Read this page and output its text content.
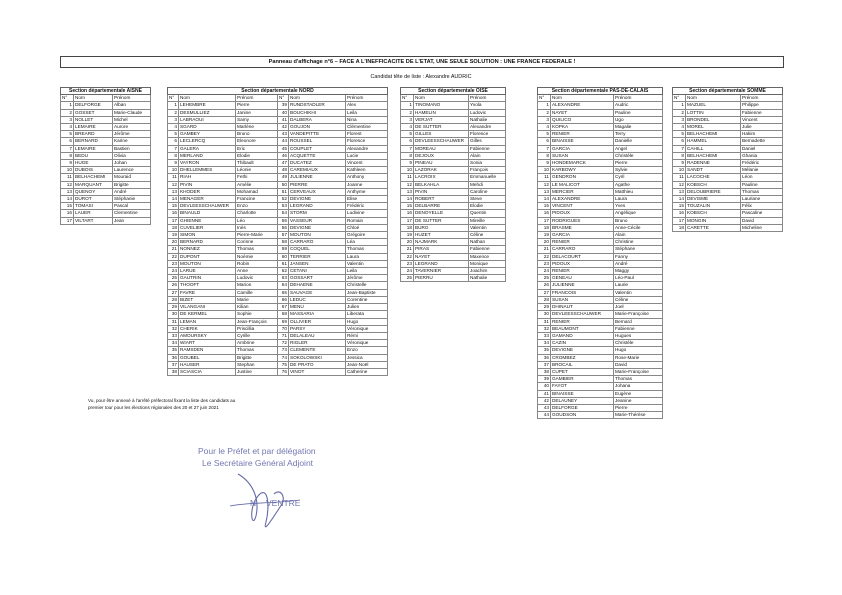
Panneau d'affichage n°6 – FACE A L'INEFFICACITE DE L'ETAT, UNE SEULE SOLUTION : UNE FRANCE FEDERALE !
Candidat tête de liste : Alexandre AUDRIC
Section départementale AISNE		
N°	Nom	Prénom
1	DELFORGE	Alban
2	GOSSET	Marie-Claude
3	NOLLET	Michel
4	LEMAIRE	Aurore
5	BREARD	Jérôme
6	BERNARD	Karine
7	LEMAIRE	Bastien
8	BEDU	Olivia
9	HUGE	Johan
10	DUBOIS	Laurence
11	BELHACHEMI	Mouraid
12	MARQUANT	Brigitte
13	QUENOY	André
14	DUROT	Stéphanie
15	TOMASI	Pascal
16	LAUER	Clementine
17	VILTART	Jean
Section départementale NORD					
N°	Nom	Prénom	N°	Nom	Prénom
1	LEHEMBRE	Pierre	39	RUNDSTADLER	Alex
2	DESMULLIEZ	Janine	40	BOUCHIKHI	Leila
3	LABRAOUI	Samy	41	DALBERA	Nina
4	SGARD	Marlène	42	GOUJON	Clémentine
5	GAMBEY	Bruno	43	VANDEPITTE	Florent
6	LECLERCQ	Eleonore	44	ROUSSEL	Florence
7	GALERA	Eric	45	COUPLET	Alexandre
8	MERLAND	Elodie	46	ACQUETTE	Lucie
9	VAYRON	Thibault	47	DUCATEZ	Vincent
10	DHELLEMMES	Léonie	48	CAREMIAUX	Kathleen
11	RIAH	Fethi	49	JULIENNE	Anthony
12	PIVIN	Amélie	50	PIERRE	Joanne
13	KHODER	Mohamad	51	CERVEAUX	Anthyme
14	MENAGER	Francine	52	DEVIGNE	Elise
15	DEVLEESSCHAUWER	Enzo	53	LEGRAND	Frédéric
16	BINAULD	Charlotte	54	STORM	Ludivine
17	GHIENNE	Léo	55	VASSEUR	Romain
18	CUVELIER	Inès	56	DEVIGNE	Chloé
19	SIMON	Pierre-Marie	57	MOUTON	Grégoire
20	BERNARD	Corinne	58	CARRARO	Léa
21	NONNEZ	Thomas	59	COQUEL	Thomas
22	DUPONT	Noémie	60	TERRIER	Laura
23	MOUTON	Robin	61	JANSEN	Valentin
24	LARUE	Anne	62	CETANI	Leila
25	GAUTRIN	Ludovic	63	GOSSART	Jérôme
26	THOOFT	Marion	64	DEHAENE	Christelle
27	FAVRE	Camille	65	SAUVAGE	Jean-Baptiste
28	BIZET	Marie	66	LEDUC	Corentine
29	VILANGANI	Kilian	67	MENU	Julien
30	DE KERMEL	Sophie	68	MASSARIA	Liberata
31	LEMAN	Jean-François	69	OLLIVIER	Hugo
32	CHERIK	Priscillia	70	PARSY	Véronique
33	AMOURSKY	Cyrille	71	DELALEAU	Rémi
34	WIART	Ambrine	72	RIGLER	Véronique
35	RAMSDEN	Thomas	73	CLEMENTE	Enzo
36	GOUBEL	Brigitte	74	SOKOLOWSKI	Jessica
37	HAUSER	Stephan	75	DE PRATO	Jean-Noël
38	SCIASCIA	Justine	76	VINOT	Catherine
Section départementale OISE		
N°	Nom	Prénom
1	TINOMANO	Yvola
2	HAMELIN	Ludovic
3	VERJAT	Nathalie
4	DE SUTTER	Alexandre
5	GILLES	Florence
6	DEVLEESSCHAUWER	Gilles
7	MOREAU	Fabienne
8	DEJOUX	Alain
9	PINEAU	Sonia
10	LAZORAK	François
11	LACROIX	Emmanuelle
12	BELKAHLA	Mehdi
13	PIVIN	Caroline
14	ROBERT	Steve
15	DELBARRE	Elodie
16	DENOYELLE	Quentin
17	DE SUTTER	Mireille
18	BURG	Valentin
19	HUZET	Céline
20	NAJMARK	Nathan
21	PIRAS	Fabienne
22	NAYET	Maxence
23	LEGRAND	Monique
24	TAVERNIER	Joachim
25	PIERRU	Nathalie
Section départementale PAS-DE-CALAIS		
N°	Nom	Prénom
1	ALEXANDRE	Audric
2	NAYET	Pauline
3	QUILICO	Ugo
4	KOPKA	Magalie
5	RENIER	Terry
6	BINAISSE	Danielle
7	GARCIA	Angel
8	SUSAN	Christèle
9	HONDEMARCK	Pierre
10	KARBOWY	Sylvie
11	GENDRON	Cyril
12	LE MALICOT	Agathe
13	MERCIER	Matthieu
14	ALEXANDRE	Laura
15	VINCENT	Yves
16	PIDOUX	Angélique
17	RODRIGUES	Bruno
18	BRASME	Anne-Cécile
19	GARCIA	Alain
20	RENIER	Christine
21	CARRARO	Stéphane
22	DELACOURT	Fanny
23	PIDOUX	André
24	RENIER	Maggy
25	GENEAU	Léo-Paul
26	JULIENNE	Laurie
27	FRANCOIS	Valentin
28	SUSAN	Céline
29	DHINAUT	Joel
30	DEVLEESSCHAUWER	Marie-Françoise
31	RENIER	Bernard
32	BEAUMONT	Fabienne
33	GAMAND	Hugues
34	CAZIN	Christèle
35	DEVIGNE	Hugo
36	CROMBEZ	Rose-Marie
37	BROCAIL	David
38	CUPET	Marie-Françoise
39	GAMBIER	Thomas
40	FAYOT	Johana
41	BINAISSE	Eugène
42	DELAUNEY	Jeanine
43	DELFORGE	Pierre
44	GOUDSON	Marie-Thérèse
Section départementale SOMME		
N°	Nom	Prénom
1	MAZUEL	Philippe
2	LOTTIN	Fabienne
3	BRONDEL	Vincent
4	MOREL	Julie
5	BELHACHEMI	Hakim
6	HAMMEL	Bernadette
7	CAHILL	Daniel
8	BELHACHEMI	Ghania
9	RADENNE	Frédéric
10	SANDT	Mélanie
11	LACOCHE	Léon
12	KOBSCH	Pauline
13	DELOUBRIERE	Thomas
14	DEVISME	Lauriane
15	TOUZALIN	Félix
16	KOBSCH	Pascaline
17	MONGIN	David
18	CARETTE	Micheline
Vu, pour être annexé à l'arrêté préfectoral fixant la liste des candidats au premier tour pour les élections régionales des 20 et 27 juin 2021
Pour le Préfet et par délégation
Le Secrétaire Général Adjoint
N VENTRE
